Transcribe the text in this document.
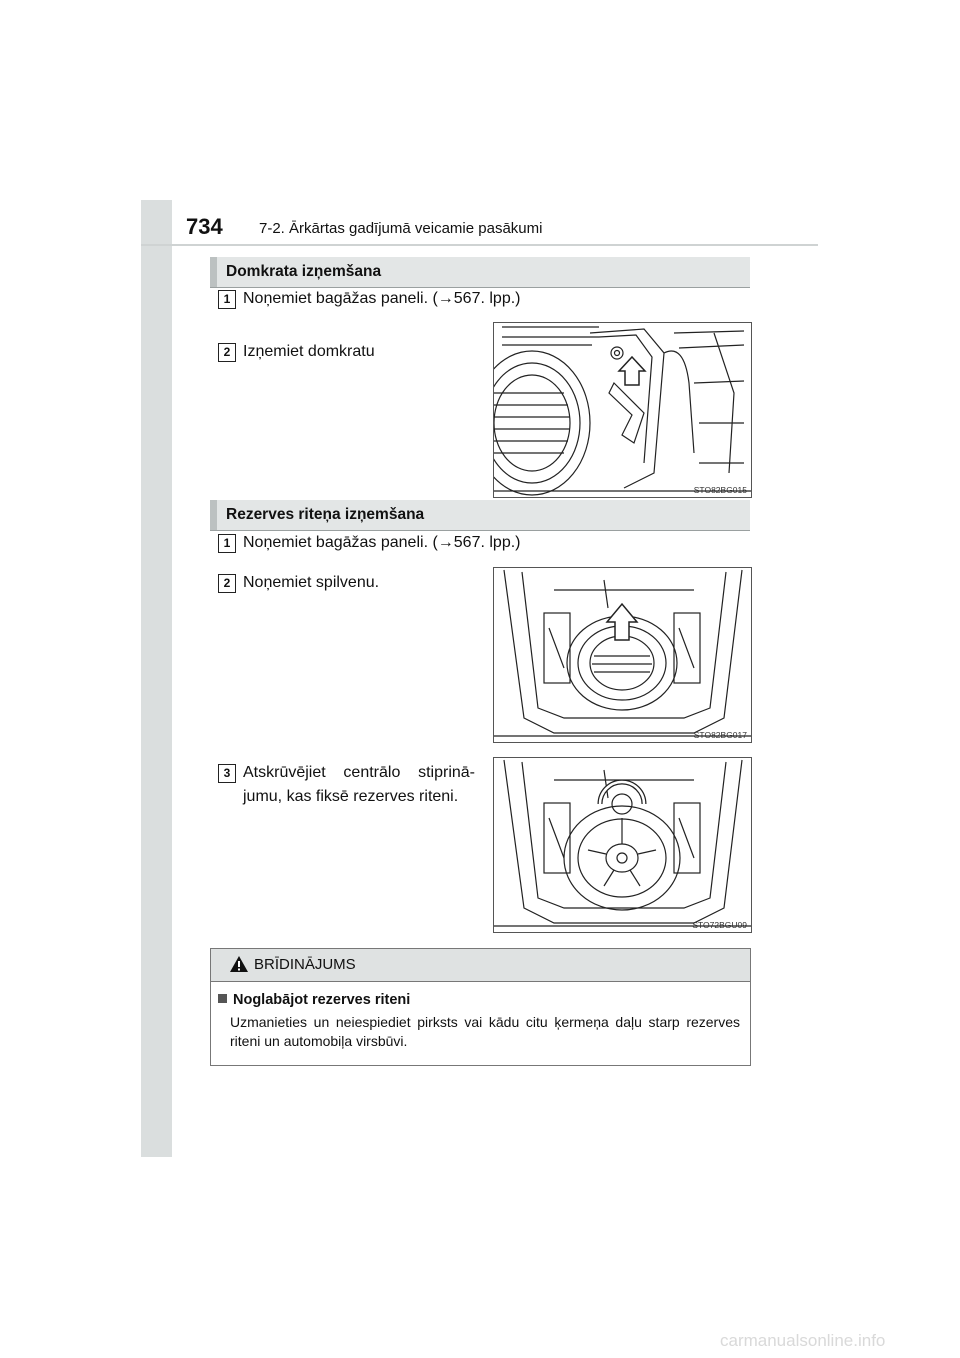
734 7-2. Ārkārtas gadījumā veicamie pasākumi
Domkrata izņemšana
1 Noņemiet bagāžas paneli. (→567. lpp.)
2 Izņemiet domkratu
STO82BG015
Rezerves riteņa izņemšana
1 Noņemiet bagāžas paneli. (→567. lpp.)
2 Noņemiet spilvenu.
3 Atskrūvējiet centrālo stiprinā-jumu, kas fiksē rezerves riteni.
STO82BG017
STO72BGU09
BRĪDINĀJUMS
Noglabājot rezerves riteni
Uzmanieties un neiespiediet pirksts vai kādu citu ķermeņa daļu starp rezerves riteni un automobiļa virsbūvi.
carmanualsonline.info
